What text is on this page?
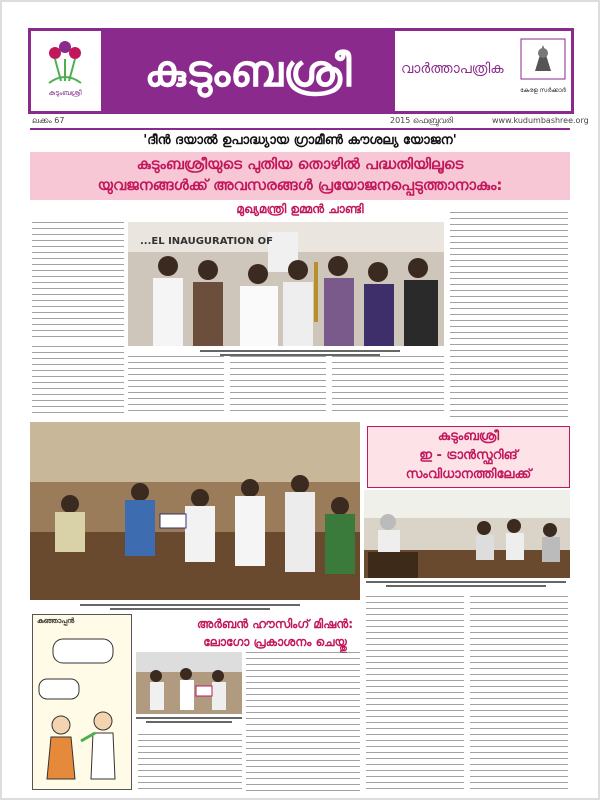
കുടുംബശ്രീ	കുടുംബശ്രീ	വാർത്താപത്രിക
കേരള സർക്കാർ
ലക്കം 67	2015 ഫെബ്രുവരി	www.kudumbashree.org
'ദീൻ ദയാൽ ഉപാദ്ധ്യായ ഗ്രാമീൺ കൗശല്യ യോജന'
കുടുംബശ്രീയുടെ പുതിയ തൊഴിൽ പദ്ധതിയിലൂടെ
യുവജനങ്ങൾക്ക് അവസരങ്ങൾ പ്രയോജനപ്പെടുത്താനാകും:
മുഖ്യമന്ത്രി ഉമ്മൻ ചാണ്ടി
...EL INAUGURATION OF
കുടുംബശ്രീ
ഇ - ട്രാൻസ്ഫറിങ്
സംവിധാനത്തിലേക്ക്
കുഞ്ഞാപ്പൻ	അർബൻ ഹൗസിംഗ് മിഷൻ:
ലോഗോ പ്രകാശനം ചെയ്തു
